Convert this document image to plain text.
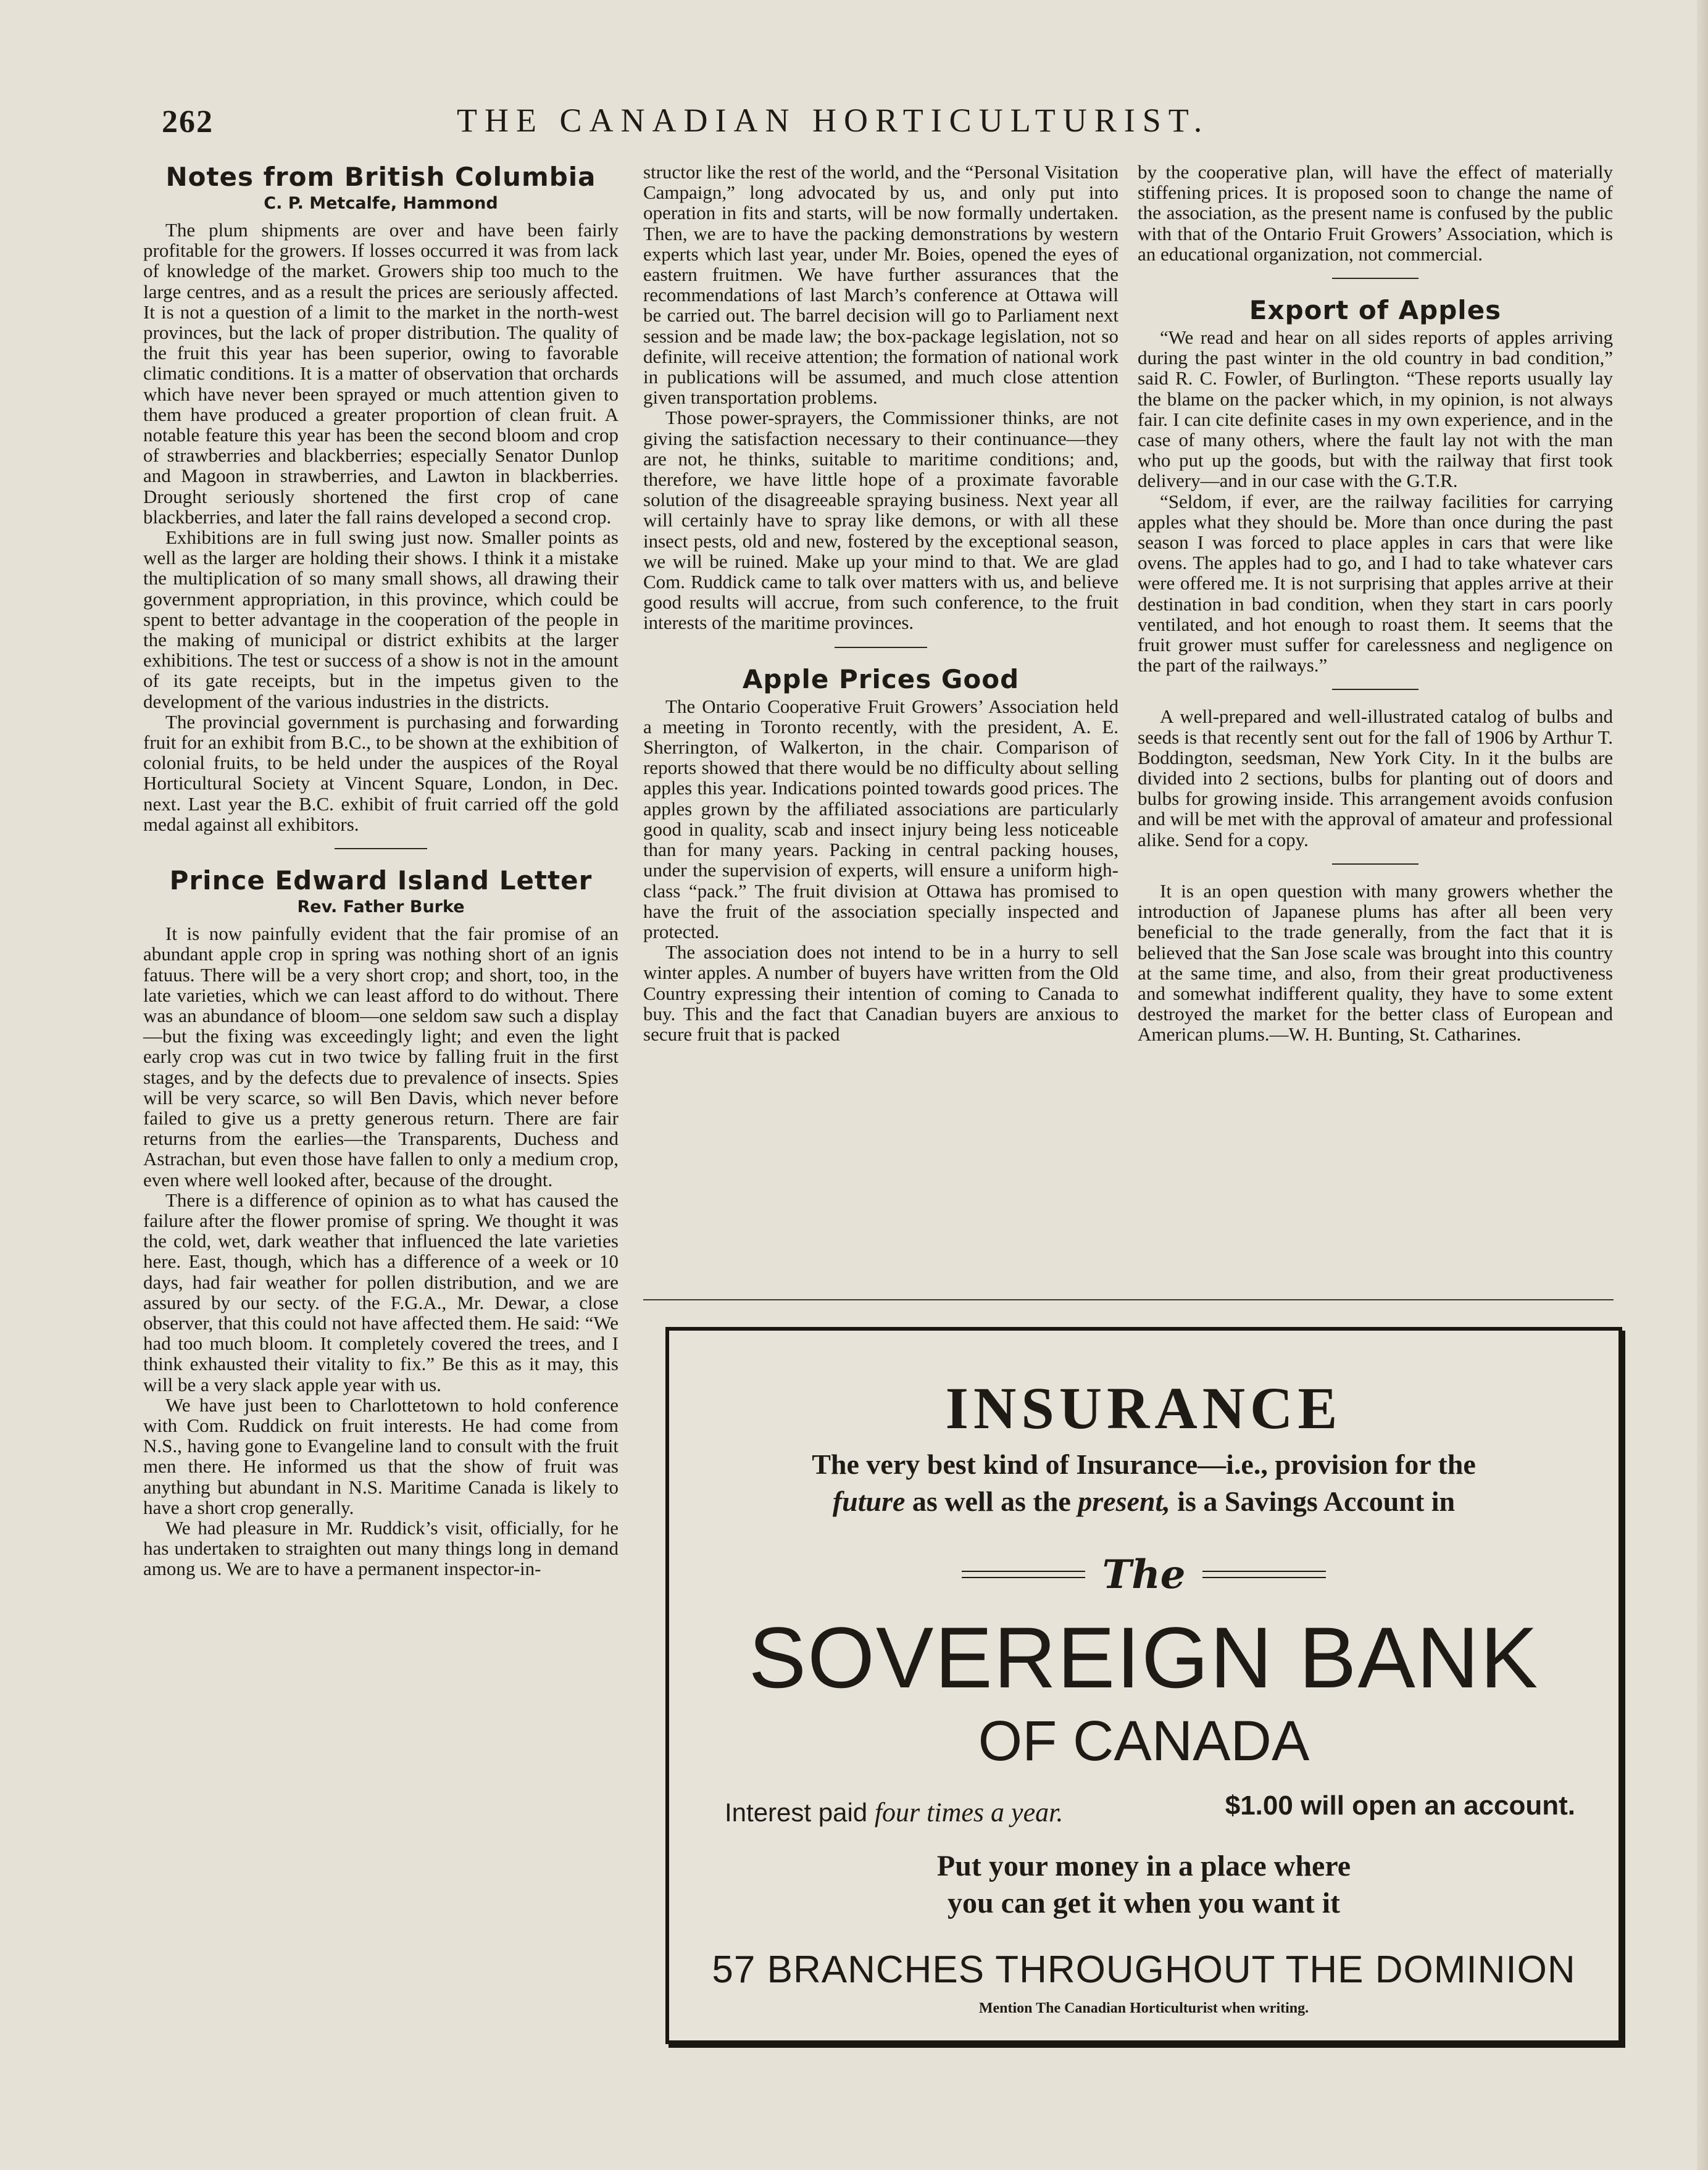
262	THE CANADIAN HORTICULTURIST.
Notes from British Columbia
C. P. Metcalfe, Hammond

The plum shipments are over and have been fairly profitable for the growers. If losses occurred it was from lack of knowledge of the market. Growers ship too much to the large centres, and as a result the prices are seriously affected. It is not a question of a limit to the market in the north-west provinces, but the lack of proper distribution. The quality of the fruit this year has been superior, owing to favorable climatic conditions. It is a matter of observation that orchards which have never been sprayed or much attention given to them have produced a greater proportion of clean fruit. A notable feature this year has been the second bloom and crop of strawberries and blackberries; especially Senator Dunlop and Magoon in strawberries, and Lawton in blackberries. Drought seriously shortened the first crop of cane blackberries, and later the fall rains developed a second crop.

Exhibitions are in full swing just now. Smaller points as well as the larger are holding their shows. I think it a mistake the multiplication of so many small shows, all drawing their government appropriation, in this province, which could be spent to better advantage in the cooperation of the people in the making of municipal or district exhibits at the larger exhibitions. The test or success of a show is not in the amount of its gate receipts, but in the impetus given to the development of the various industries in the districts.

The provincial government is purchasing and forwarding fruit for an exhibit from B.C., to be shown at the exhibition of colonial fruits, to be held under the auspices of the Royal Horticultural Society at Vincent Square, London, in Dec. next. Last year the B.C. exhibit of fruit carried off the gold medal against all exhibitors.

Prince Edward Island Letter
Rev. Father Burke

It is now painfully evident that the fair promise of an abundant apple crop in spring was nothing short of an ignis fatuus. There will be a very short crop; and short, too, in the late varieties, which we can least afford to do without. There was an abundance of bloom—one seldom saw such a display—but the fixing was exceedingly light; and even the light early crop was cut in two twice by falling fruit in the first stages, and by the defects due to prevalence of insects. Spies will be very scarce, so will Ben Davis, which never before failed to give us a pretty generous return. There are fair returns from the earlies—the Transparents, Duchess and Astrachan, but even those have fallen to only a medium crop, even where well looked after, because of the drought.

There is a difference of opinion as to what has caused the failure after the flower promise of spring. We thought it was the cold, wet, dark weather that influenced the late varieties here. East, though, which has a difference of a week or 10 days, had fair weather for pollen distribution, and we are assured by our secty. of the F.G.A., Mr. Dewar, a close observer, that this could not have affected them. He said: “We had too much bloom. It completely covered the trees, and I think exhausted their vitality to fix.” Be this as it may, this will be a very slack apple year with us.

We have just been to Charlottetown to hold conference with Com. Ruddick on fruit interests. He had come from N.S., having gone to Evangeline land to consult with the fruit men there. He informed us that the show of fruit was anything but abundant in N.S. Maritime Canada is likely to have a short crop generally.

We had pleasure in Mr. Ruddick’s visit, officially, for he has undertaken to straighten out many things long in demand among us. We are to have a permanent inspector-in-

structor like the rest of the world, and the “Personal Visitation Campaign,” long advocated by us, and only put into operation in fits and starts, will be now formally undertaken. Then, we are to have the packing demonstrations by western experts which last year, under Mr. Boies, opened the eyes of eastern fruitmen. We have further assurances that the recommendations of last March’s conference at Ottawa will be carried out. The barrel decision will go to Parliament next session and be made law; the box-package legislation, not so definite, will receive attention; the formation of national work in publications will be assumed, and much close attention given transportation problems.

Those power-sprayers, the Commissioner thinks, are not giving the satisfaction necessary to their continuance—they are not, he thinks, suitable to maritime conditions; and, therefore, we have little hope of a proximate favorable solution of the disagreeable spraying business. Next year all will certainly have to spray like demons, or with all these insect pests, old and new, fostered by the exceptional season, we will be ruined. Make up your mind to that. We are glad Com. Ruddick came to talk over matters with us, and believe good results will accrue, from such conference, to the fruit interests of the maritime provinces.

Apple Prices Good

The Ontario Cooperative Fruit Growers’ Association held a meeting in Toronto recently, with the president, A. E. Sherrington, of Walkerton, in the chair. Comparison of reports showed that there would be no difficulty about selling apples this year. Indications pointed towards good prices. The apples grown by the affiliated associations are particularly good in quality, scab and insect injury being less noticeable than for many years. Packing in central packing houses, under the supervision of experts, will ensure a uniform high-class “pack.” The fruit division at Ottawa has promised to have the fruit of the association specially inspected and protected.

The association does not intend to be in a hurry to sell winter apples. A number of buyers have written from the Old Country expressing their intention of coming to Canada to buy. This and the fact that Canadian buyers are anxious to secure fruit that is packed

by the cooperative plan, will have the effect of materially stiffening prices. It is proposed soon to change the name of the association, as the present name is confused by the public with that of the Ontario Fruit Growers’ Association, which is an educational organization, not commercial.

Export of Apples

“We read and hear on all sides reports of apples arriving during the past winter in the old country in bad condition,” said R. C. Fowler, of Burlington. “These reports usually lay the blame on the packer which, in my opinion, is not always fair. I can cite definite cases in my own experience, and in the case of many others, where the fault lay not with the man who put up the goods, but with the railway that first took delivery—and in our case with the G.T.R.

“Seldom, if ever, are the railway facilities for carrying apples what they should be. More than once during the past season I was forced to place apples in cars that were like ovens. The apples had to go, and I had to take whatever cars were offered me. It is not surprising that apples arrive at their destination in bad condition, when they start in cars poorly ventilated, and hot enough to roast them. It seems that the fruit grower must suffer for carelessness and negligence on the part of the railways.”

A well-prepared and well-illustrated catalog of bulbs and seeds is that recently sent out for the fall of 1906 by Arthur T. Boddington, seedsman, New York City. In it the bulbs are divided into 2 sections, bulbs for planting out of doors and bulbs for growing inside. This arrangement avoids confusion and will be met with the approval of amateur and professional alike. Send for a copy.

It is an open question with many growers whether the introduction of Japanese plums has after all been very beneficial to the trade generally, from the fact that it is believed that the San Jose scale was brought into this country at the same time, and also, from their great productiveness and somewhat indifferent quality, they have to some extent destroyed the market for the better class of European and American plums.—W. H. Bunting, St. Catharines.

INSURANCE
The very best kind of Insurance—i.e., provision for the
future as well as the present, is a Savings Account in
The
SOVEREIGN BANK
OF CANADA
Interest paid four times a year.	$1.00 will open an account.
Put your money in a place where
you can get it when you want it
57 BRANCHES THROUGHOUT THE DOMINION
Mention The Canadian Horticulturist when writing.
